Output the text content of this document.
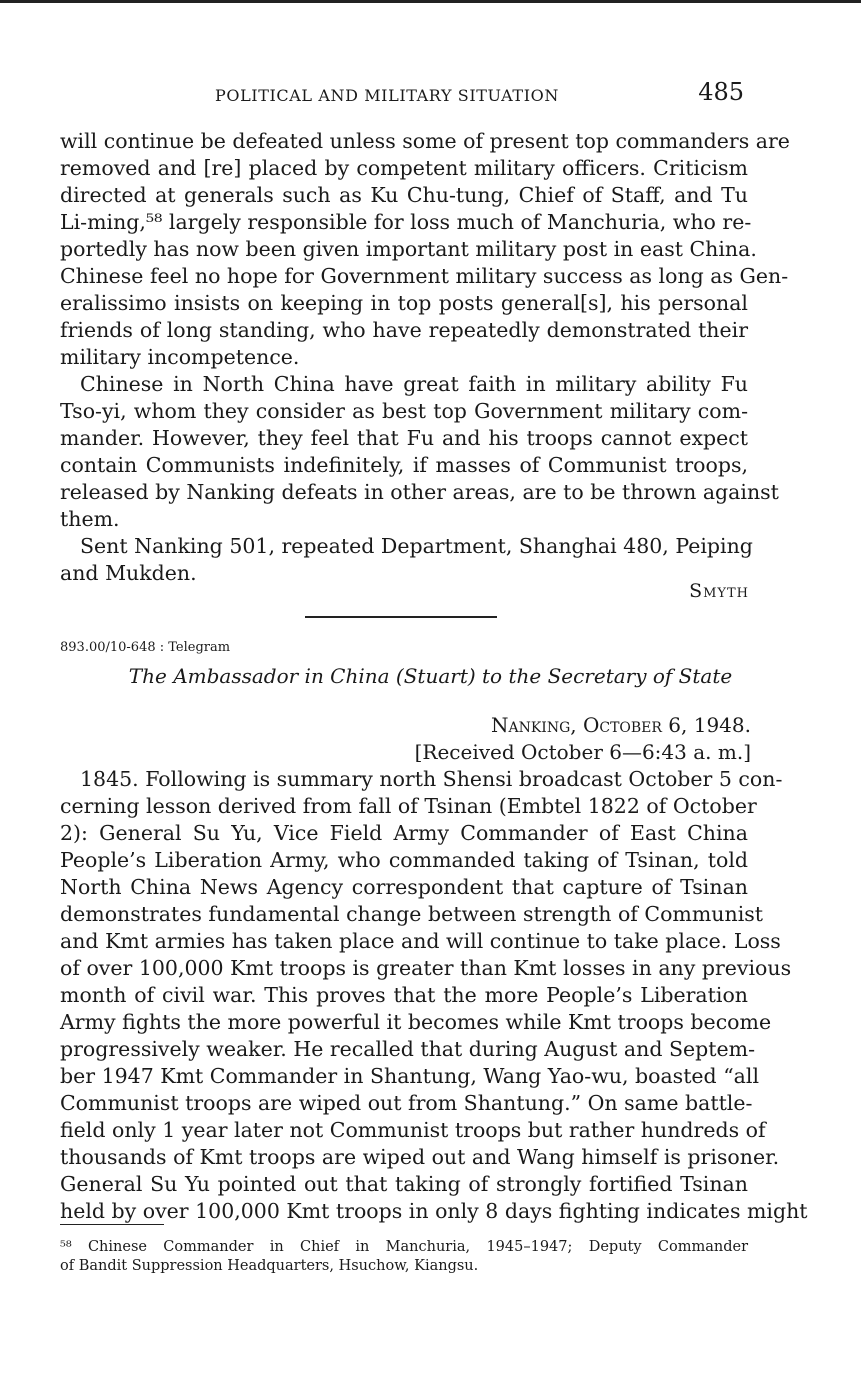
POLITICAL AND MILITARY SITUATION	485
will continue be defeated unless some of present top commanders are
removed and [re] placed by competent military officers. Criticism
directed at generals such as Ku Chu-tung, Chief of Staff, and Tu
Li-ming,⁵⁸ largely responsible for loss much of Manchuria, who re-
portedly has now been given important military post in east China.
Chinese feel no hope for Government military success as long as Gen-
eralissimo insists on keeping in top posts general[s], his personal
friends of long standing, who have repeatedly demonstrated their
military incompetence.
Chinese in North China have great faith in military ability Fu
Tso-yi, whom they consider as best top Government military com-
mander. However, they feel that Fu and his troops cannot expect
contain Communists indefinitely, if masses of Communist troops,
released by Nanking defeats in other areas, are to be thrown against
them.
Sent Nanking 501, repeated Department, Shanghai 480, Peiping
and Mukden.
Smyth
893.00/10-648 : Telegram
The Ambassador in China (Stuart) to the Secretary of State
Nanking, October 6, 1948.
[Received October 6—6:43 a. m.]
1845. Following is summary north Shensi broadcast October 5 con-
cerning lesson derived from fall of Tsinan (Embtel 1822 of October
2): General Su Yu, Vice Field Army Commander of East China
People’s Liberation Army, who commanded taking of Tsinan, told
North China News Agency correspondent that capture of Tsinan
demonstrates fundamental change between strength of Communist
and Kmt armies has taken place and will continue to take place. Loss
of over 100,000 Kmt troops is greater than Kmt losses in any previous
month of civil war. This proves that the more People’s Liberation
Army fights the more powerful it becomes while Kmt troops become
progressively weaker. He recalled that during August and Septem-
ber 1947 Kmt Commander in Shantung, Wang Yao-wu, boasted “all
Communist troops are wiped out from Shantung.” On same battle-
field only 1 year later not Communist troops but rather hundreds of
thousands of Kmt troops are wiped out and Wang himself is prisoner.
General Su Yu pointed out that taking of strongly fortified Tsinan
held by over 100,000 Kmt troops in only 8 days fighting indicates might
⁵⁸ Chinese Commander in Chief in Manchuria, 1945–1947; Deputy Commander
of Bandit Suppression Headquarters, Hsuchow, Kiangsu.
